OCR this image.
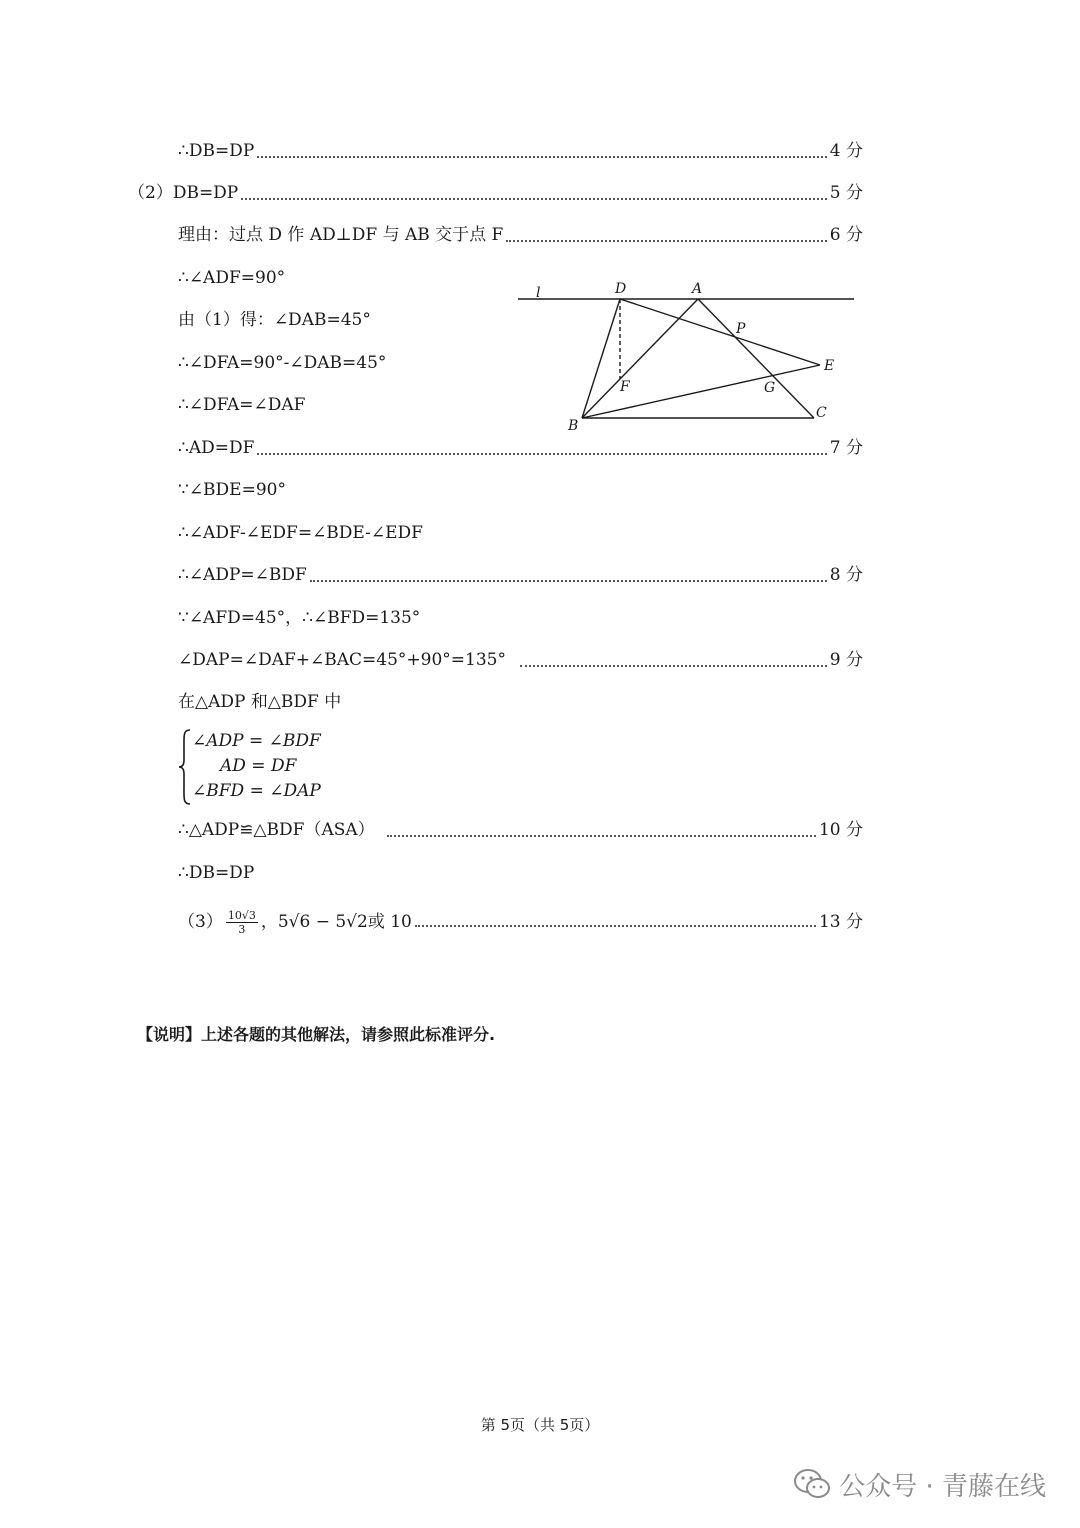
∴DB=DP	4 分
（2）DB=DP	5 分
理由：过点 D 作 AD⊥DF 与 AB 交于点 F	6 分
∴∠ADF=90°
由（1）得：∠DAB=45°
∴∠DFA=90°-∠DAB=45°
∴∠DFA=∠DAF
∴AD=DF	7 分
∵∠BDE=90°
∴∠ADF-∠EDF=∠BDE-∠EDF
∴∠ADP=∠BDF	8 分
∵∠AFD=45°，∴∠BFD=135°
∠DAP=∠DAF+∠BAC=45°+90°=135°	9 分
在△ADP 和△BDF 中
∠ADP = ∠BDF
AD = DF
∠BFD = ∠DAP
∴△ADP≌△BDF（ASA）	10 分
∴DB=DP
$(3) \frac{10√3}{3}$ ，5√6 − 5√2或 10	13 分
l	D	A
P
E
F	G
B
C
【说明】上述各题的其他解法，请参照此标准评分.
第 5页（共 5页）
公众号 · 青藤在线
